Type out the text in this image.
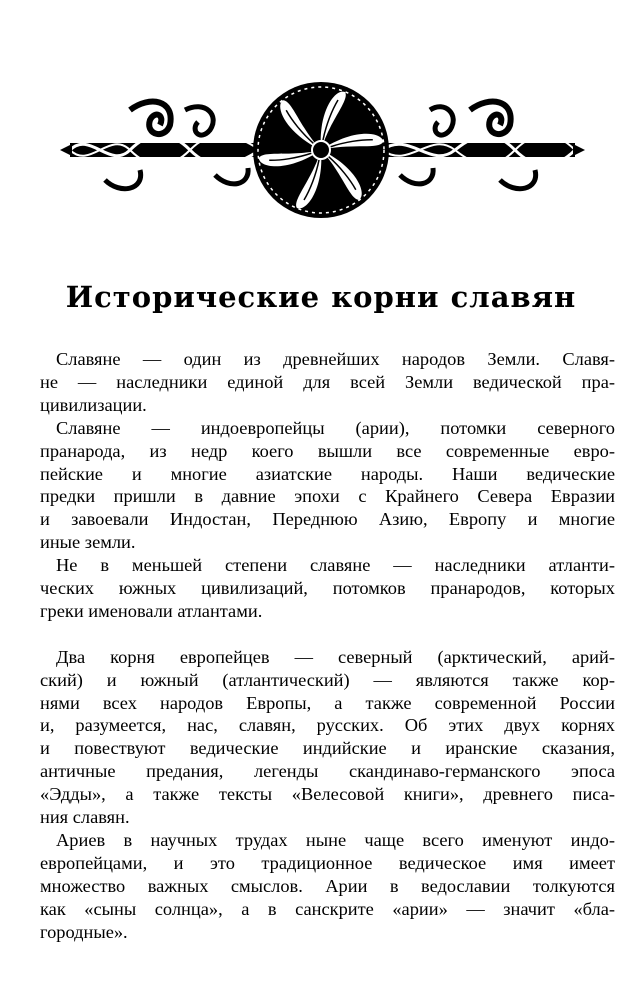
Исторические корни славян

Славяне — один из древнейших народов Земли. Славя-
не — наследники единой для всей Земли ведической пра-
цивилизации.

Славяне — индоевропейцы (арии), потомки северного
пранарода, из недр коего вышли все современные евро-
пейские и многие азиатские народы. Наши ведические
предки пришли в давние эпохи с Крайнего Севера Евразии
и завоевали Индостан, Переднюю Азию, Европу и многие
иные земли.

Не в меньшей степени славяне — наследники атланти-
ческих южных цивилизаций, потомков пранародов, которых
греки именовали атлантами.

Два корня европейцев — северный (арктический, арий-
ский) и южный (атлантический) — являются также кор-
нями всех народов Европы, а также современной России
и, разумеется, нас, славян, русских. Об этих двух корнях
и повествуют ведические индийские и иранские сказания,
античные предания, легенды скандинаво-германского эпоса
«Эдды», а также тексты «Велесовой книги», древнего писа-
ния славян.

Ариев в научных трудах ныне чаще всего именуют индо-
европейцами, и это традиционное ведическое имя имеет
множество важных смыслов. Арии в ведославии толкуются
как «сыны солнца», а в санскрите «арии» — значит «бла-
городные».
